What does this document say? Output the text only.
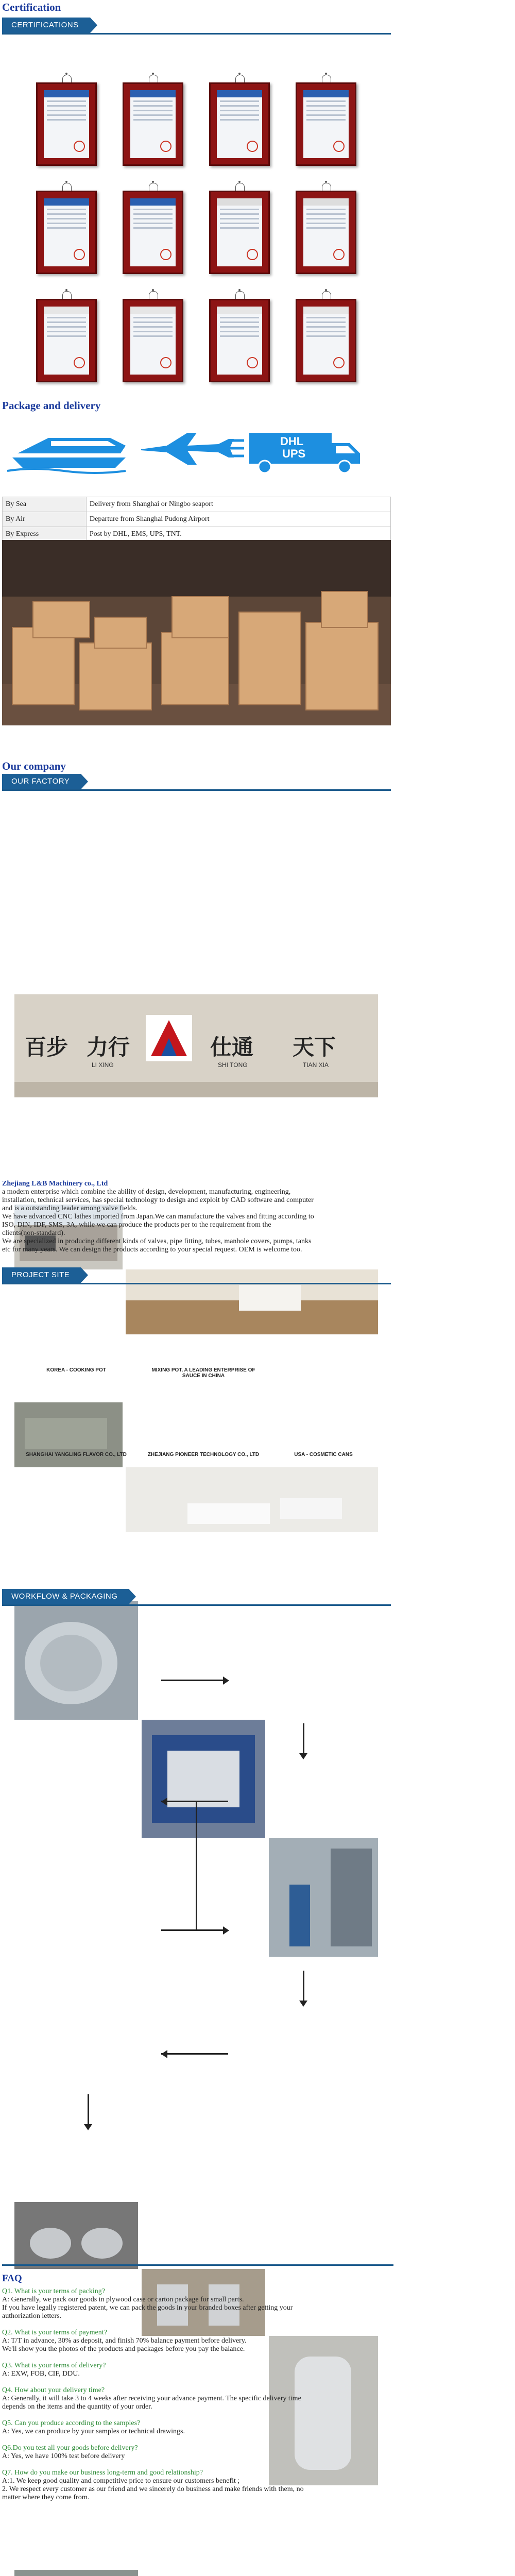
Certification
CERTIFICATIONS
Package and delivery
DHL
UPS
By Sea	Delivery from Shanghai or Ningbo seaport
By Air	Departure from Shanghai Pudong Airport
By Express	Post by DHL, EMS, UPS, TNT.
Our company
OUR FACTORY
百步 力行
LI XING
仕通
SHI TONG
天下
TIAN XIA
Zhejiang L&B Machinery co., Ltd
a modern enterprise which combine the ability of design, development, manufacturing, engineering,
installation, technical services, has special technology to design and exploit by CAD software and computer
and is a outstanding leader among valve fields.
We have advanced CNC lathes imported from Japan.We can manufacture the valves and fitting according to
ISO, DIN, IDF, SMS, 3A, while we can produce the products per to the requirement from the
clients(non-standard).
We are specialized in producing different kinds of valves, pipe fitting, tubes, manhole covers, pumps, tanks
etc for many years. We can design the products according to your special request. OEM is welcome too.
PROJECT SITE
KOREA - COOKING POT	MIXING POT, A LEADING ENTERPRISE OF SAUCE IN CHINA
SHANGHAI YANGLING FLAVOR CO., LTD	ZHEJIANG PIONEER TECHNOLOGY CO., LTD	USA - COSMETIC CANS
WORKFLOW & PACKAGING
FAQ
Q1. What is your terms of packing?
A: Generally, we pack our goods in plywood case or carton package for small parts.
If you have legally registered patent, we can pack the goods in your branded boxes after getting your
authorization letters.
Q2. What is your terms of payment?
A: T/T in advance, 30% as deposit, and finish 70% balance payment before delivery.
We'll show you the photos of the products and packages before you pay the balance.
Q3. What is your terms of delivery?
A: EXW, FOB, CIF, DDU.
Q4. How about your delivery time?
A: Generally, it will take 3 to 4 weeks after receiving your advance payment. The specific delivery time
depends on the items and the quantity of your order.
Q5. Can you produce according to the samples?
A: Yes, we can produce by your samples or technical drawings.
Q6.Do you test all your goods before delivery?
A: Yes, we have 100% test before delivery
Q7. How do you make our business long-term and good relationship?
A:1. We keep good quality and competitive price to ensure our customers benefit ;
2. We respect every customer as our friend and we sincerely do business and make friends with them, no
matter where they come from.
